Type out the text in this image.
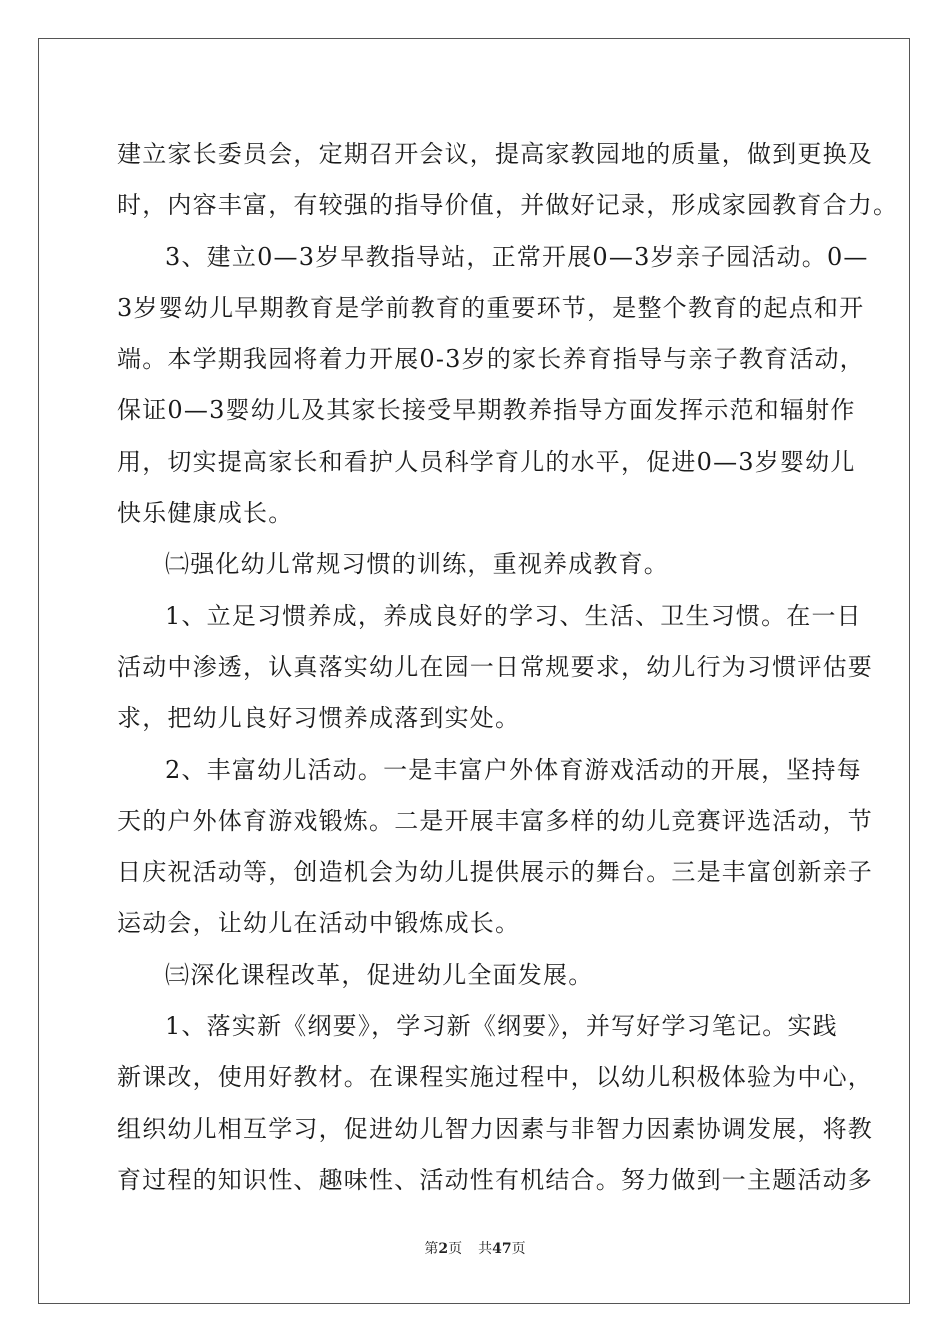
建立家长委员会，定期召开会议，提高家教园地的质量，做到更换及
时，内容丰富，有较强的指导价值，并做好记录，形成家园教育合力。
3、建立0—3岁早教指导站，正常开展0—3岁亲子园活动。0—
3岁婴幼儿早期教育是学前教育的重要环节，是整个教育的起点和开
端。本学期我园将着力开展0-3岁的家长养育指导与亲子教育活动，
保证0—3婴幼儿及其家长接受早期教养指导方面发挥示范和辐射作
用，切实提高家长和看护人员科学育儿的水平，促进0—3岁婴幼儿
快乐健康成长。
㈡强化幼儿常规习惯的训练，重视养成教育。
1、立足习惯养成，养成良好的学习、生活、卫生习惯。在一日
活动中渗透，认真落实幼儿在园一日常规要求，幼儿行为习惯评估要
求，把幼儿良好习惯养成落到实处。
2、丰富幼儿活动。一是丰富户外体育游戏活动的开展，坚持每
天的户外体育游戏锻炼。二是开展丰富多样的幼儿竞赛评选活动，节
日庆祝活动等，创造机会为幼儿提供展示的舞台。三是丰富创新亲子
运动会，让幼儿在活动中锻炼成长。
㈢深化课程改革，促进幼儿全面发展。
1、落实新《纲要》，学习新《纲要》，并写好学习笔记。实践
新课改，使用好教材。在课程实施过程中，以幼儿积极体验为中心，
组织幼儿相互学习，促进幼儿智力因素与非智力因素协调发展，将教
育过程的知识性、趣味性、活动性有机结合。努力做到一主题活动多
第2页 共47页
